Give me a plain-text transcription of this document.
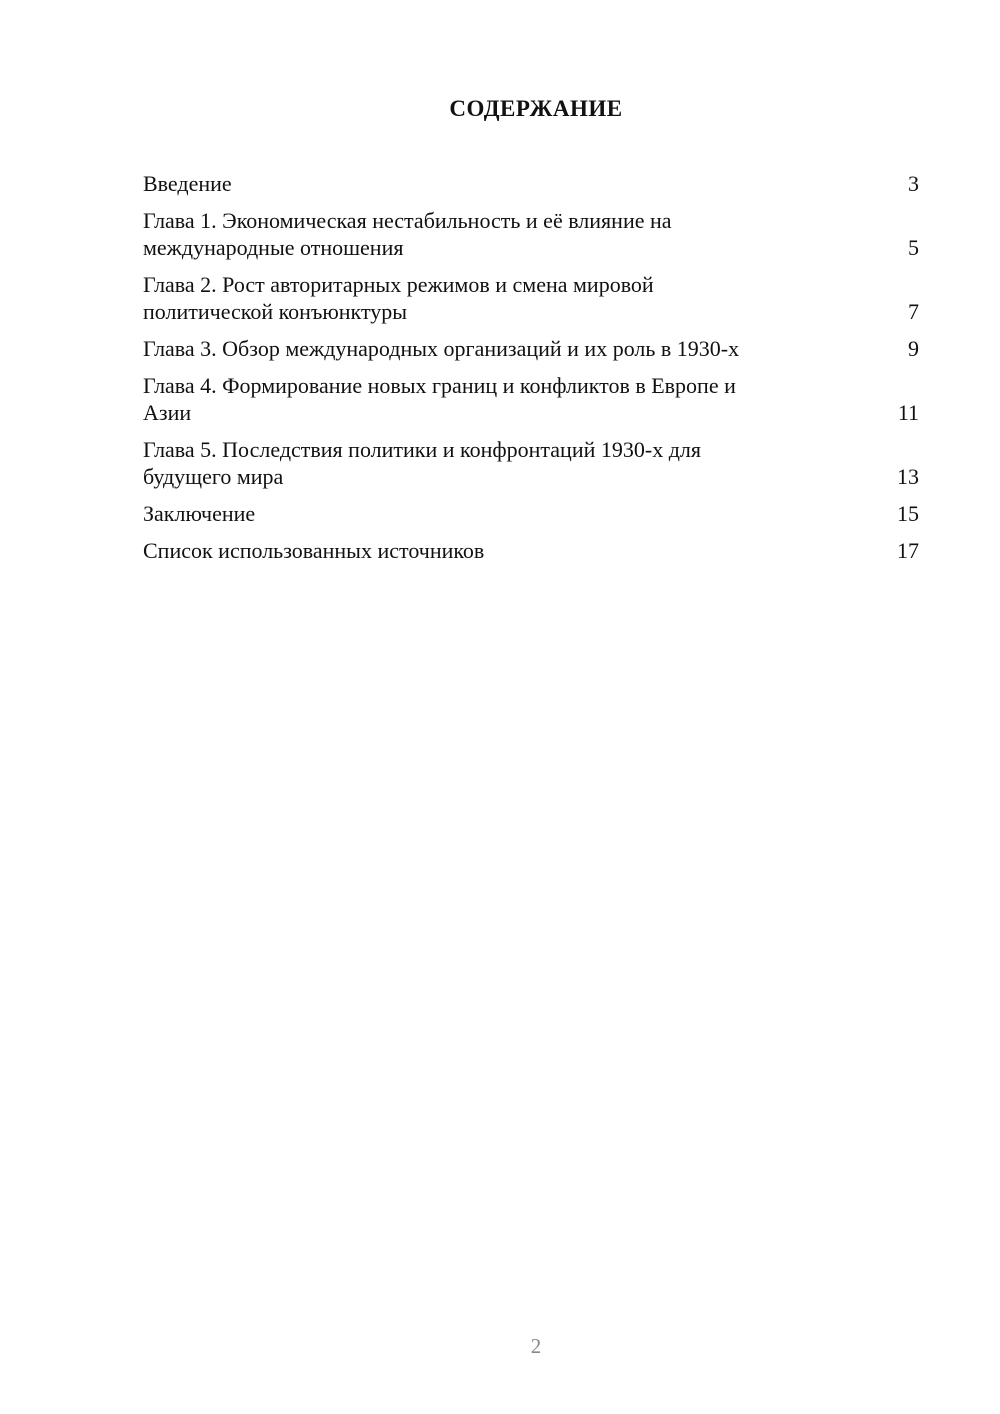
СОДЕРЖАНИЕ
Введение	3
Глава 1. Экономическая нестабильность и её влияние на
международные отношения	5
Глава 2. Рост авторитарных режимов и смена мировой
политической конъюнктуры	7
Глава 3. Обзор международных организаций и их роль в 1930-х	9
Глава 4. Формирование новых границ и конфликтов в Европе и
Азии	11
Глава 5. Последствия политики и конфронтаций 1930-х для
будущего мира	13
Заключение	15
Список использованных источников	17
2
